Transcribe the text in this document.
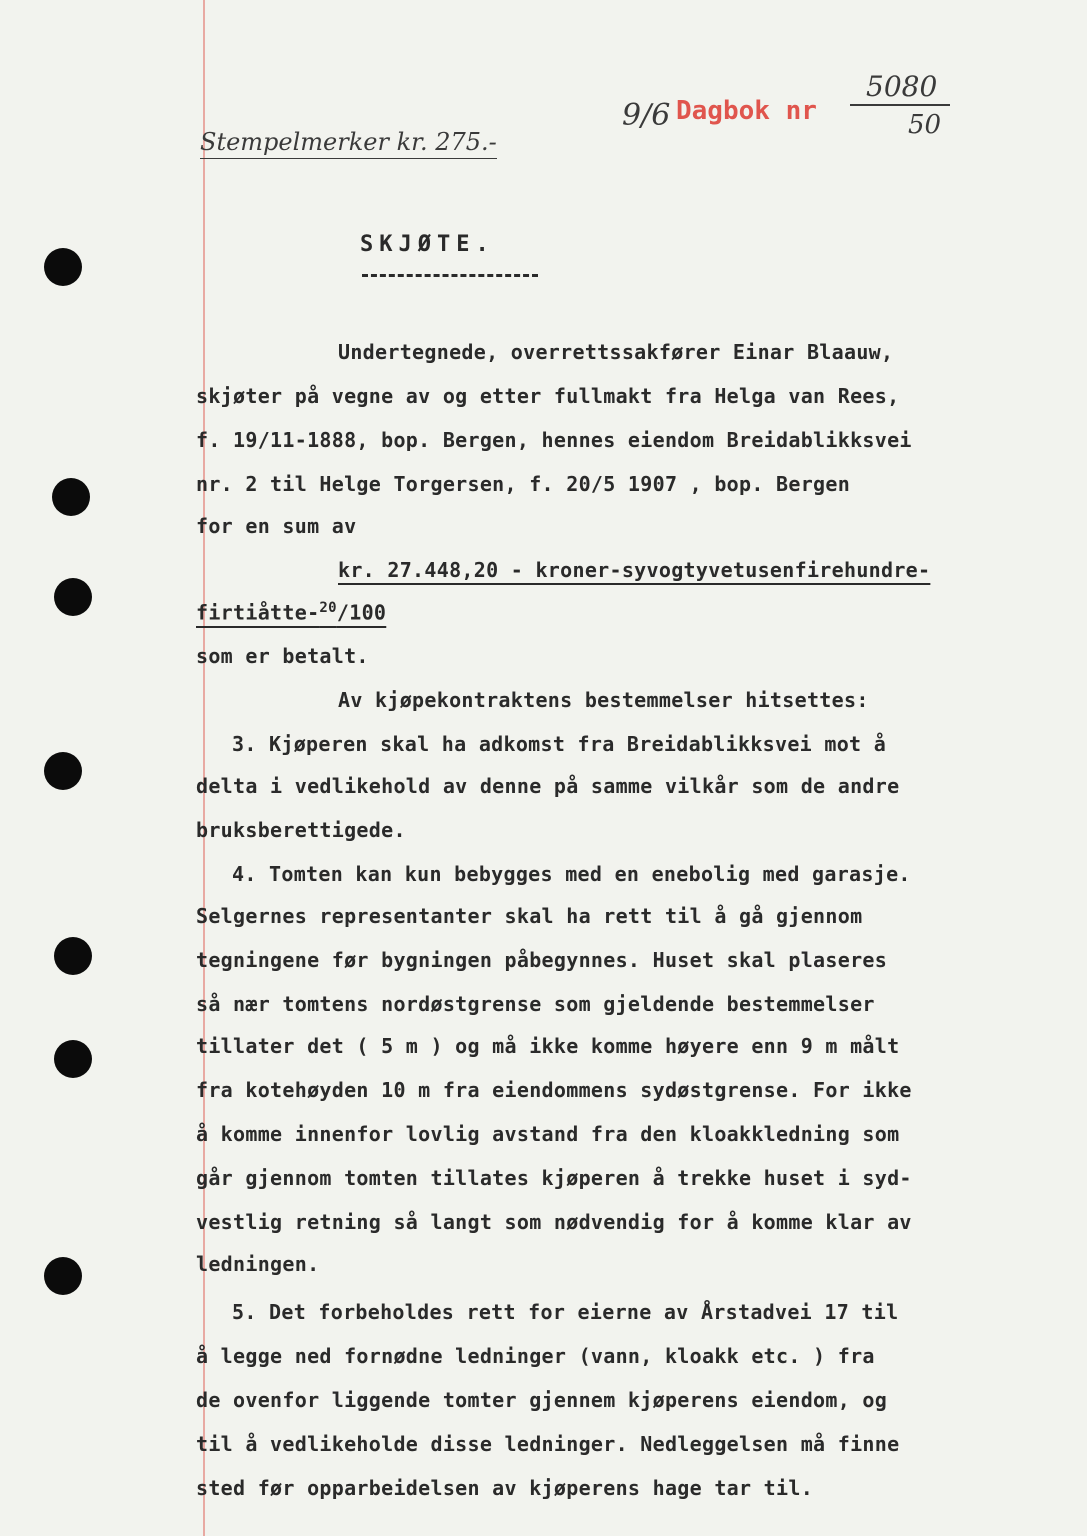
Stempelmerker kr. 275.-
9/6 Dagbok nr
5080
50
SKJØTE.
Undertegnede, overrettssakfører Einar Blaauw,
skjøter på vegne av og etter fullmakt fra Helga van Rees,
f. 19/11-1888, bop. Bergen, hennes eiendom Breidablikksvei
nr. 2 til Helge Torgersen, f. 20/5 1907 , bop. Bergen
for en sum av
kr. 27.448,20 - kroner-syvogtyvetusenfirehundre-
firtiåtte-$^{20}$/100
som er betalt.
Av kjøpekontraktens bestemmelser hitsettes:
3. Kjøperen skal ha adkomst fra Breidablikksvei mot å
delta i vedlikehold av denne på samme vilkår som de andre
bruksberettigede.
4. Tomten kan kun bebygges med en enebolig med garasje.
Selgernes representanter skal ha rett til å gå gjennom
tegningene før bygningen påbegynnes. Huset skal plaseres
så nær tomtens nordøstgrense som gjeldende bestemmelser
tillater det ( 5 m ) og må ikke komme høyere enn 9 m målt
fra kotehøyden 10 m fra eiendommens sydøstgrense. For ikke
å komme innenfor lovlig avstand fra den kloakkledning som
går gjennom tomten tillates kjøperen å trekke huset i syd-
vestlig retning så langt som nødvendig for å komme klar av
ledningen.
5. Det forbeholdes rett for eierne av Årstadvei 17 til
å legge ned fornødne ledninger (vann, kloakk etc. ) fra
de ovenfor liggende tomter gjennem kjøperens eiendom, og
til å vedlikeholde disse ledninger. Nedleggelsen må finne
sted før opparbeidelsen av kjøperens hage tar til.
